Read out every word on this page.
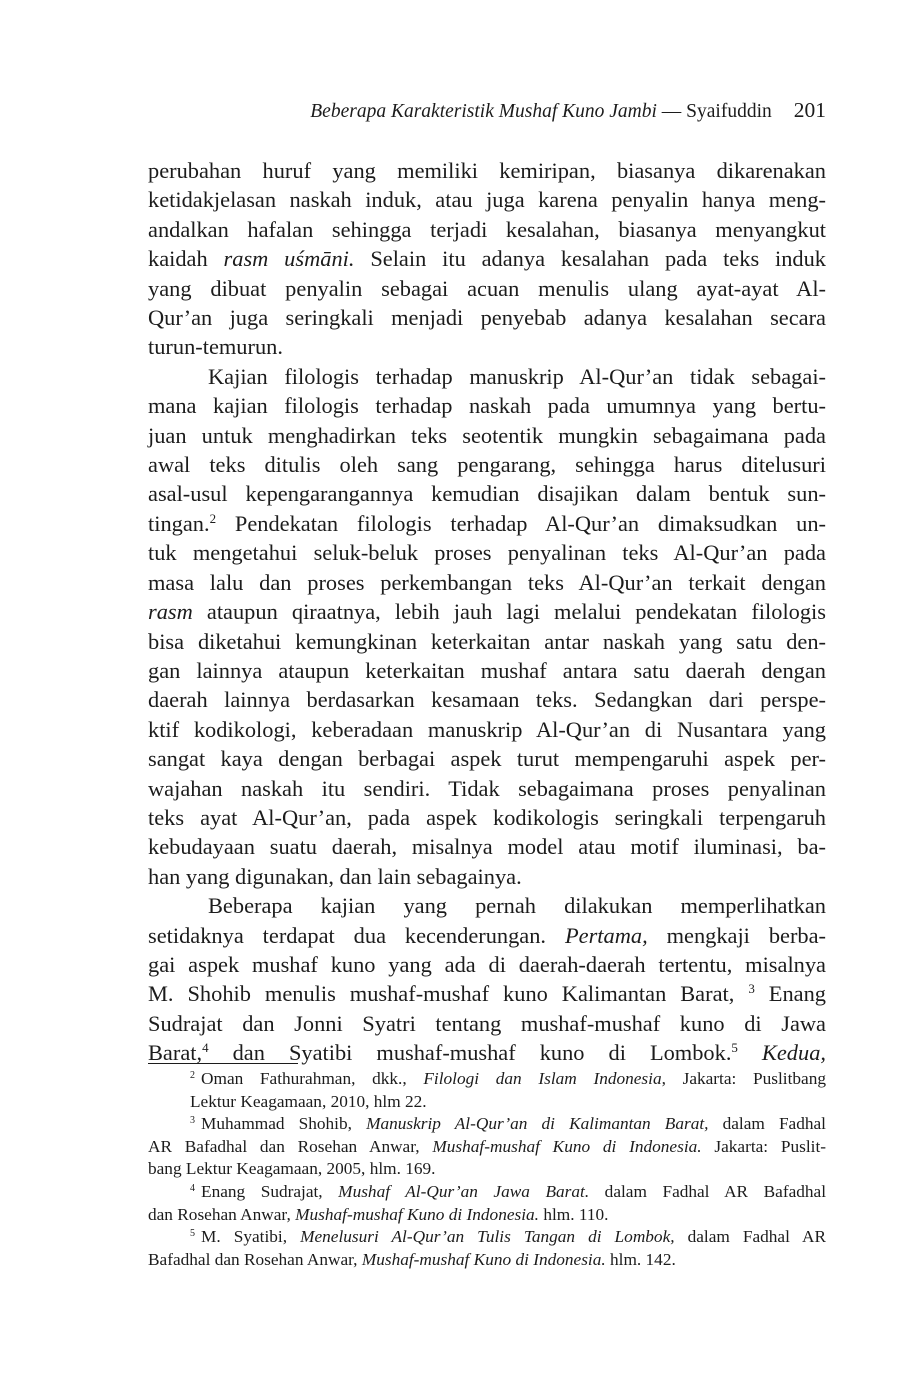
Beberapa Karakteristik Mushaf Kuno Jambi — Syaifuddin 201

perubahan huruf yang memiliki kemiripan, biasanya dikarenakan
ketidakjelasan naskah induk, atau juga karena penyalin hanya meng-
andalkan hafalan sehingga terjadi kesalahan, biasanya menyangkut
kaidah rasm uśmāni. Selain itu adanya kesalahan pada teks induk
yang dibuat penyalin sebagai acuan menulis ulang ayat-ayat Al-
Qur’an juga seringkali menjadi penyebab adanya kesalahan secara
turun-temurun.

Kajian filologis terhadap manuskrip Al-Qur’an tidak sebagai-
mana kajian filologis terhadap naskah pada umumnya yang bertu-
juan untuk menghadirkan teks seotentik mungkin sebagaimana pada
awal teks ditulis oleh sang pengarang, sehingga harus ditelusuri
asal-usul kepengarangannya kemudian disajikan dalam bentuk sun-
tingan.$^2$ Pendekatan filologis terhadap Al-Qur’an dimaksudkan un-
tuk mengetahui seluk-beluk proses penyalinan teks Al-Qur’an pada
masa lalu dan proses perkembangan teks Al-Qur’an terkait dengan
rasm ataupun qiraatnya, lebih jauh lagi melalui pendekatan filologis
bisa diketahui kemungkinan keterkaitan antar naskah yang satu den-
gan lainnya ataupun keterkaitan mushaf antara satu daerah dengan
daerah lainnya berdasarkan kesamaan teks. Sedangkan dari perspe-
ktif kodikologi, keberadaan manuskrip Al-Qur’an di Nusantara yang
sangat kaya dengan berbagai aspek turut mempengaruhi aspek per-
wajahan naskah itu sendiri. Tidak sebagaimana proses penyalinan
teks ayat Al-Qur’an, pada aspek kodikologis seringkali terpengaruh
kebudayaan suatu daerah, misalnya model atau motif iluminasi, ba-
han yang digunakan, dan lain sebagainya.

Beberapa kajian yang pernah dilakukan memperlihatkan
setidaknya terdapat dua kecenderungan. Pertama, mengkaji berba-
gai aspek mushaf kuno yang ada di daerah-daerah tertentu, misalnya
M. Shohib menulis mushaf-mushaf kuno Kalimantan Barat, $^3$ Enang
Sudrajat dan Jonni Syatri tentang mushaf-mushaf kuno di Jawa
Barat,$^4$ dan Syatibi mushaf-mushaf kuno di Lombok.$^5$ Kedua,

$^2$ Oman Fathurahman, dkk., Filologi dan Islam Indonesia, Jakarta: Puslitbang
Lektur Keagamaan, 2010, hlm 22.

$^3$ Muhammad Shohib, Manuskrip Al-Qur’an di Kalimantan Barat, dalam Fadhal
AR Bafadhal dan Rosehan Anwar, Mushaf-mushaf Kuno di Indonesia. Jakarta: Puslit-
bang Lektur Keagamaan, 2005, hlm. 169.

$^4$ Enang Sudrajat, Mushaf Al-Qur’an Jawa Barat. dalam Fadhal AR Bafadhal
dan Rosehan Anwar, Mushaf-mushaf Kuno di Indonesia. hlm. 110.

$^5$ M. Syatibi, Menelusuri Al-Qur’an Tulis Tangan di Lombok, dalam Fadhal AR
Bafadhal dan Rosehan Anwar, Mushaf-mushaf Kuno di Indonesia. hlm. 142.
